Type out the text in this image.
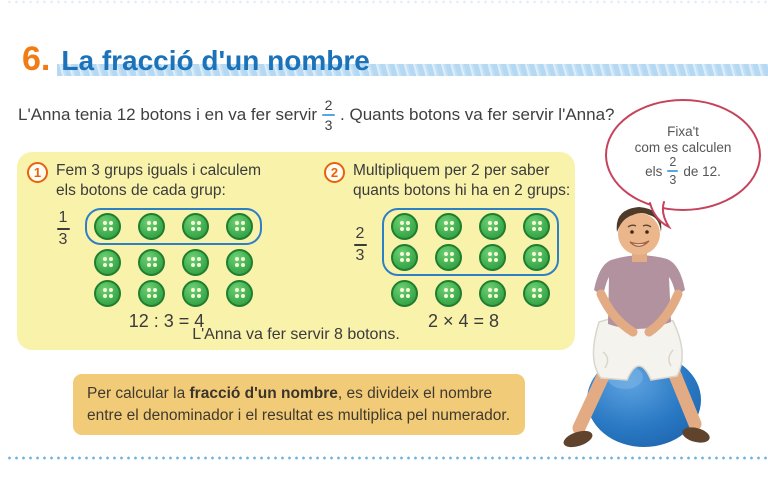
6. La fracció d'un nombre
L'Anna tenia 12 botons i en va fer servir $\frac{2}{3}$ . Quants botons va fer servir l'Anna?
1 Fem 3 grups iguals i calculem
els botons de cada grup:
$\frac{1}{3}$
12 : 3 = 4
2 Multipliquem per 2 per saber
quants botons hi ha en 2 grups:
$\frac{2}{3}$
2 × 4 = 8
L'Anna va fer servir 8 botons.
Per calcular la fracció d'un nombre, es divideix el nombre entre el denominador i el resultat es multiplica pel numerador.
Fixa't
com es calculen
els $\frac{2}{3}$ de 12.
